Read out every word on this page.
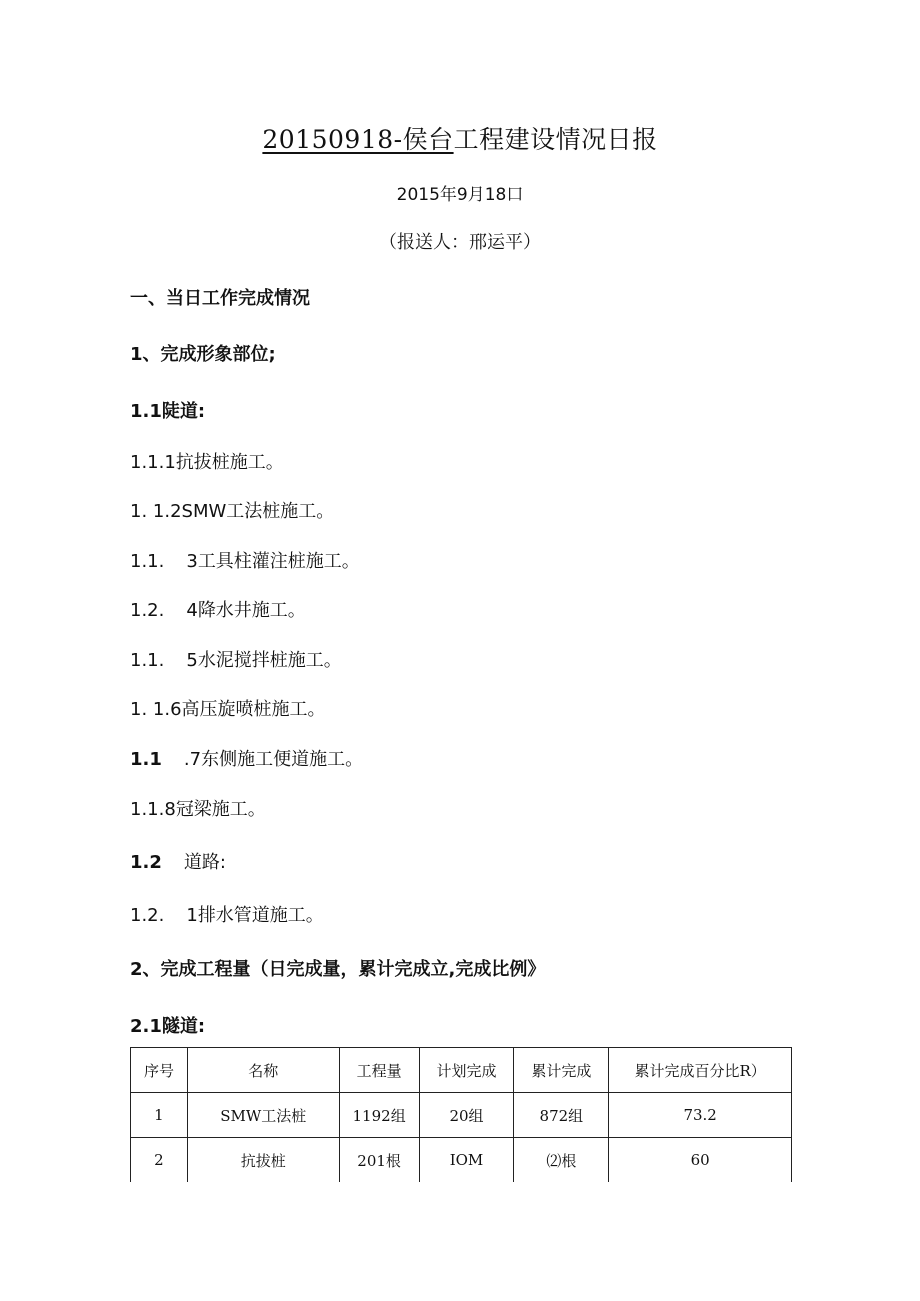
20150918-侯台工程建设情况日报
2015年9月18口
（报送人：邢运平）
一、当日工作完成情况
1、完成形象部位;
1.1陡道:
1.1.1抗拔桩施工。
1. 1.2SMW工法桩施工。
1.1. 3工具柱灌注桩施工。
1.2. 4降水井施工。
1.1. 5水泥搅拌桩施工。
1. 1.6高压旋喷桩施工。
1.1 .7东侧施工便道施工。
1.1.8冠梁施工。
1.2 道路:
1.2. 1排水管道施工。
2、完成工程量（日完成量，累计完成立,完成比例》
2.1隧道:
序号	名称	工程量	计划完成	累计完成	累计完成百分比R）
1	SMW工法桩	1192组	20组	872组	73.2
2	抗拔桩	201根	IOM	⑵根	60
